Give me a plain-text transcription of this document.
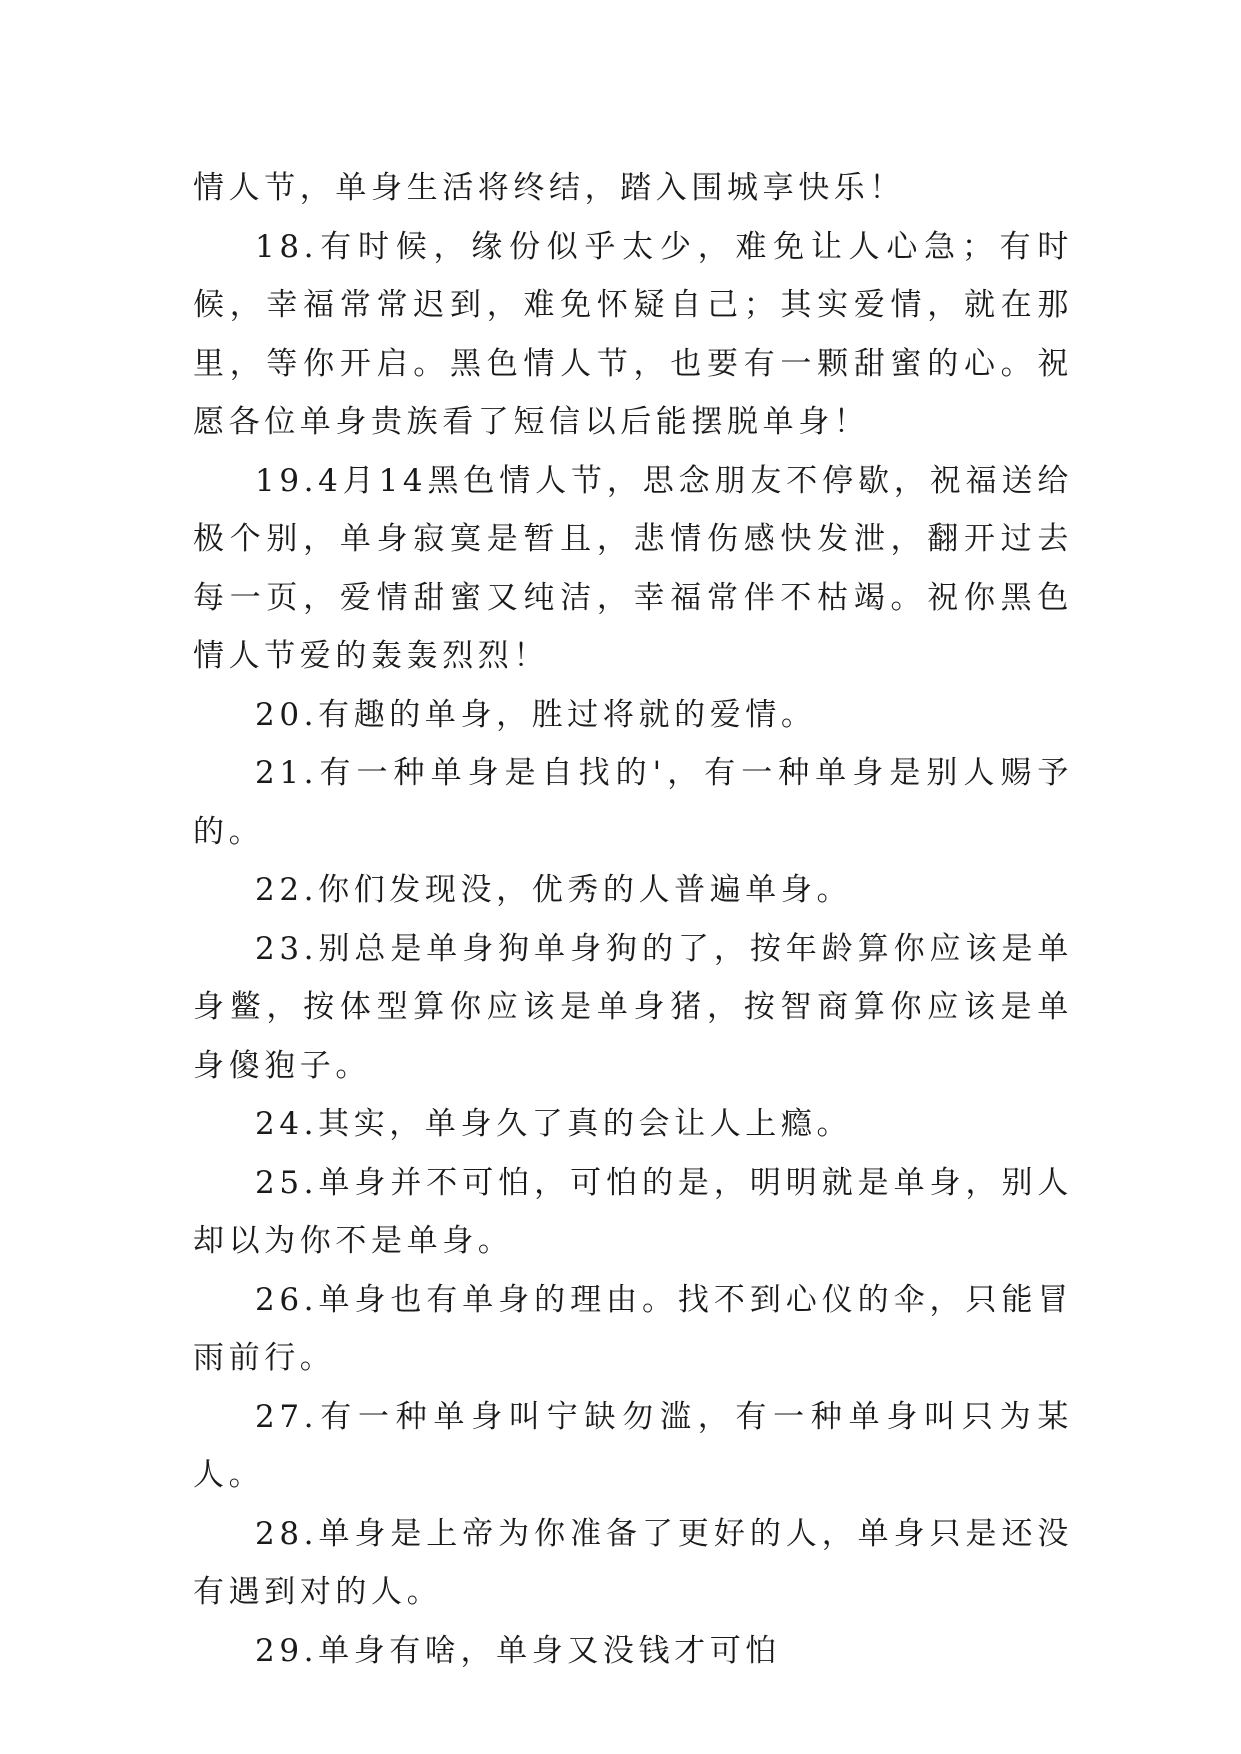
情人节，单身生活将终结，踏入围城享快乐！

18.有时候，缘份似乎太少，难免让人心急；有时候，幸福常常迟到，难免怀疑自己；其实爱情，就在那里，等你开启。黑色情人节，也要有一颗甜蜜的心。祝愿各位单身贵族看了短信以后能摆脱单身！

19.4月14黑色情人节，思念朋友不停歇，祝福送给极个别，单身寂寞是暂且，悲情伤感快发泄，翻开过去每一页，爱情甜蜜又纯洁，幸福常伴不枯竭。祝你黑色情人节爱的轰轰烈烈！

20.有趣的单身，胜过将就的爱情。

21.有一种单身是自找的'，有一种单身是别人赐予的。

22.你们发现没，优秀的人普遍单身。

23.别总是单身狗单身狗的了，按年龄算你应该是单身鳖，按体型算你应该是单身猪，按智商算你应该是单身傻狍子。

24.其实，单身久了真的会让人上瘾。

25.单身并不可怕，可怕的是，明明就是单身，别人却以为你不是单身。

26.单身也有单身的理由。找不到心仪的伞，只能冒雨前行。

27.有一种单身叫宁缺勿滥，有一种单身叫只为某人。

28.单身是上帝为你准备了更好的人，单身只是还没有遇到对的人。

29.单身有啥，单身又没钱才可怕
